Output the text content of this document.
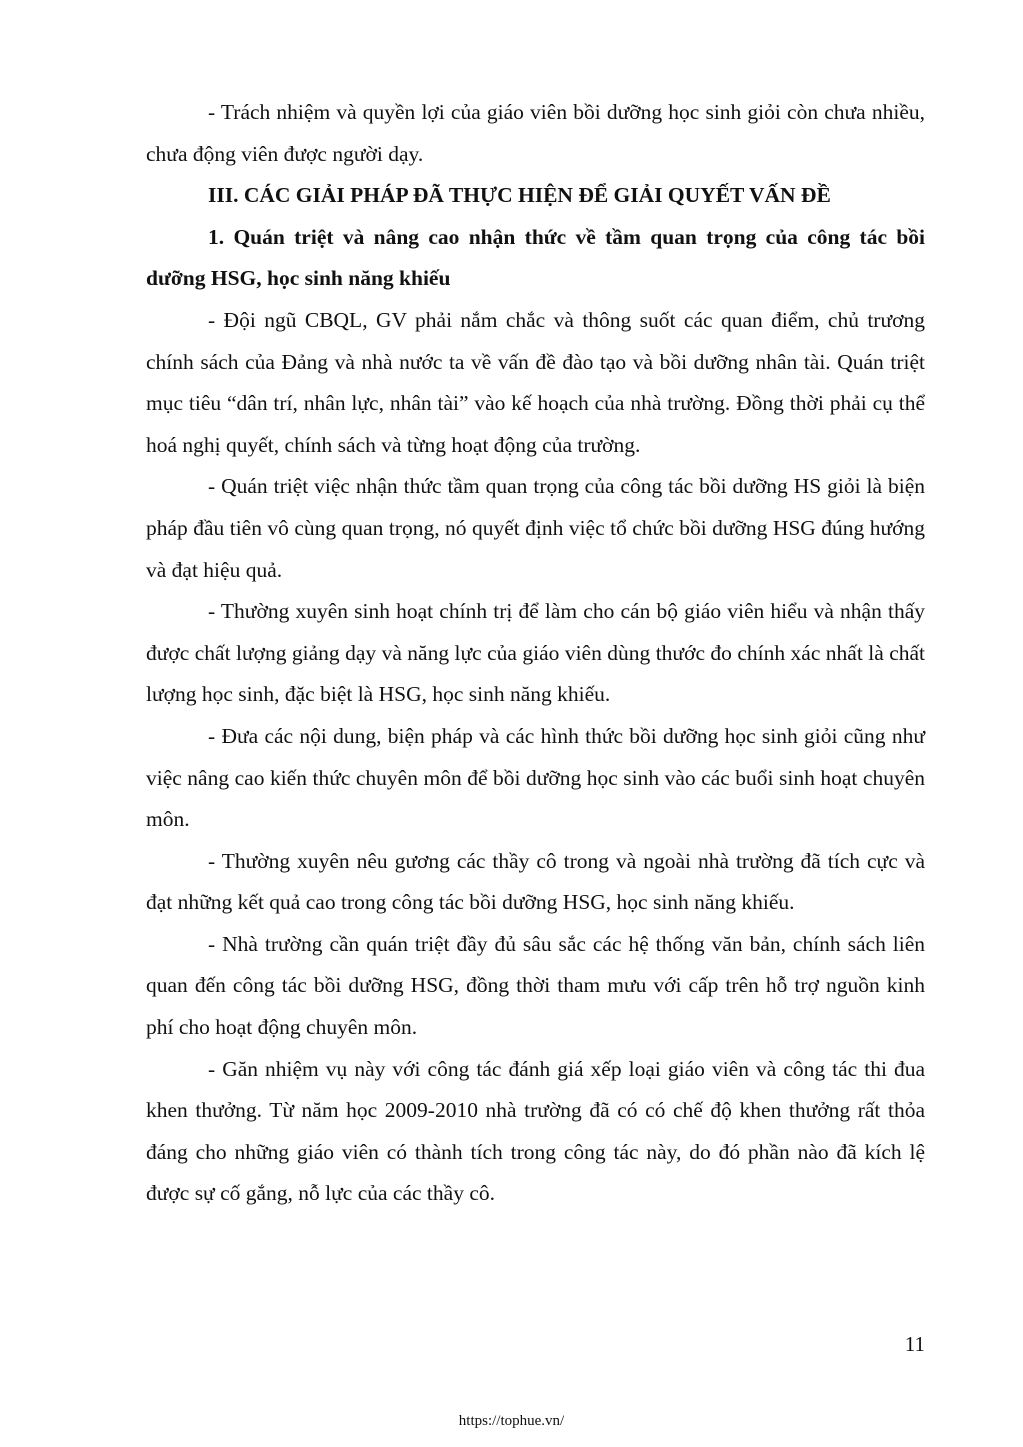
- Trách nhiệm và quyền lợi của giáo viên bồi dưỡng học sinh giỏi còn chưa nhiều, chưa động viên được người dạy.

III. CÁC GIẢI PHÁP ĐÃ THỰC HIỆN ĐỂ GIẢI QUYẾT VẤN ĐỀ

1. Quán triệt và nâng cao nhận thức về tầm quan trọng của công tác bồi dưỡng HSG, học sinh năng khiếu

- Đội ngũ CBQL, GV phải nắm chắc và thông suốt các quan điểm, chủ trương chính sách của Đảng và nhà nước ta về vấn đề đào tạo và bồi dưỡng nhân tài. Quán triệt mục tiêu “dân trí, nhân lực, nhân tài” vào kế hoạch của nhà trường. Đồng thời phải cụ thể hoá nghị quyết, chính sách và từng hoạt động của trường.

- Quán triệt việc nhận thức tầm quan trọng của công tác bồi dưỡng HS giỏi là biện pháp đầu tiên vô cùng quan trọng, nó quyết định việc tổ chức bồi dưỡng HSG đúng hướng và đạt hiệu quả.

- Thường xuyên sinh hoạt chính trị để làm cho cán bộ giáo viên hiểu và nhận thấy được chất lượng giảng dạy và năng lực của giáo viên dùng thước đo chính xác nhất là chất lượng học sinh, đặc biệt là HSG, học sinh năng khiếu.

- Đưa các nội dung, biện pháp và các hình thức bồi dưỡng học sinh giỏi cũng như việc nâng cao kiến thức chuyên môn để bồi dưỡng học sinh vào các buổi sinh hoạt chuyên môn.

- Thường xuyên nêu gương các thầy cô trong và ngoài nhà trường đã tích cực và đạt những kết quả cao trong công tác bồi dưỡng HSG, học sinh năng khiếu.

- Nhà trường cần quán triệt đầy đủ sâu sắc các hệ thống văn bản, chính sách liên quan đến công tác bồi dưỡng HSG, đồng thời tham mưu với cấp trên hỗ trợ nguồn kinh phí cho hoạt động chuyên môn.

- Găn nhiệm vụ này với công tác đánh giá xếp loại giáo viên và công tác thi đua khen thưởng. Từ năm học 2009-2010 nhà trường đã có có chế độ khen thưởng rất thỏa đáng cho những giáo viên có thành tích trong công tác này, do đó phần nào đã kích lệ được sự cố gắng, nỗ lực của các thầy cô.

11
https://tophue.vn/
